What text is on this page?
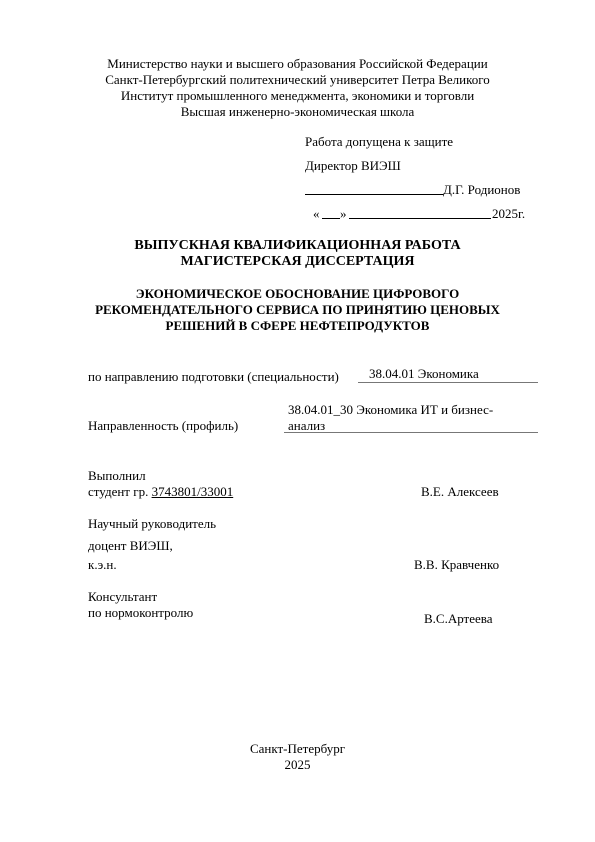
Министерство науки и высшего образования Российской Федерации
Санкт-Петербургский политехнический университет Петра Великого
Институт промышленного менеджмента, экономики и торговли
Высшая инженерно-экономическая школа
Работа допущена к защите
Директор ВИЭШ
Д.Г. Родионов
« »	2025г.
ВЫПУСКНАЯ КВАЛИФИКАЦИОННАЯ РАБОТА
МАГИСТЕРСКАЯ ДИССЕРТАЦИЯ
ЭКОНОМИЧЕСКОЕ ОБОСНОВАНИЕ ЦИФРОВОГО
РЕКОМЕНДАТЕЛЬНОГО СЕРВИСА ПО ПРИНЯТИЮ ЦЕНОВЫХ
РЕШЕНИЙ В СФЕРЕ НЕФТЕПРОДУКТОВ
по направлению подготовки (специальности) 38.04.01 Экономика
Направленность (профиль)
38.04.01_30 Экономика ИТ и бизнес-
анализ
Выполнил
студент гр. 3743801/33001	В.Е. Алексеев
Научный руководитель
доцент ВИЭШ,
к.э.н.	В.В. Кравченко
Консультант
по нормоконтролю	В.С.Артеева
Санкт-Петербург
2025
